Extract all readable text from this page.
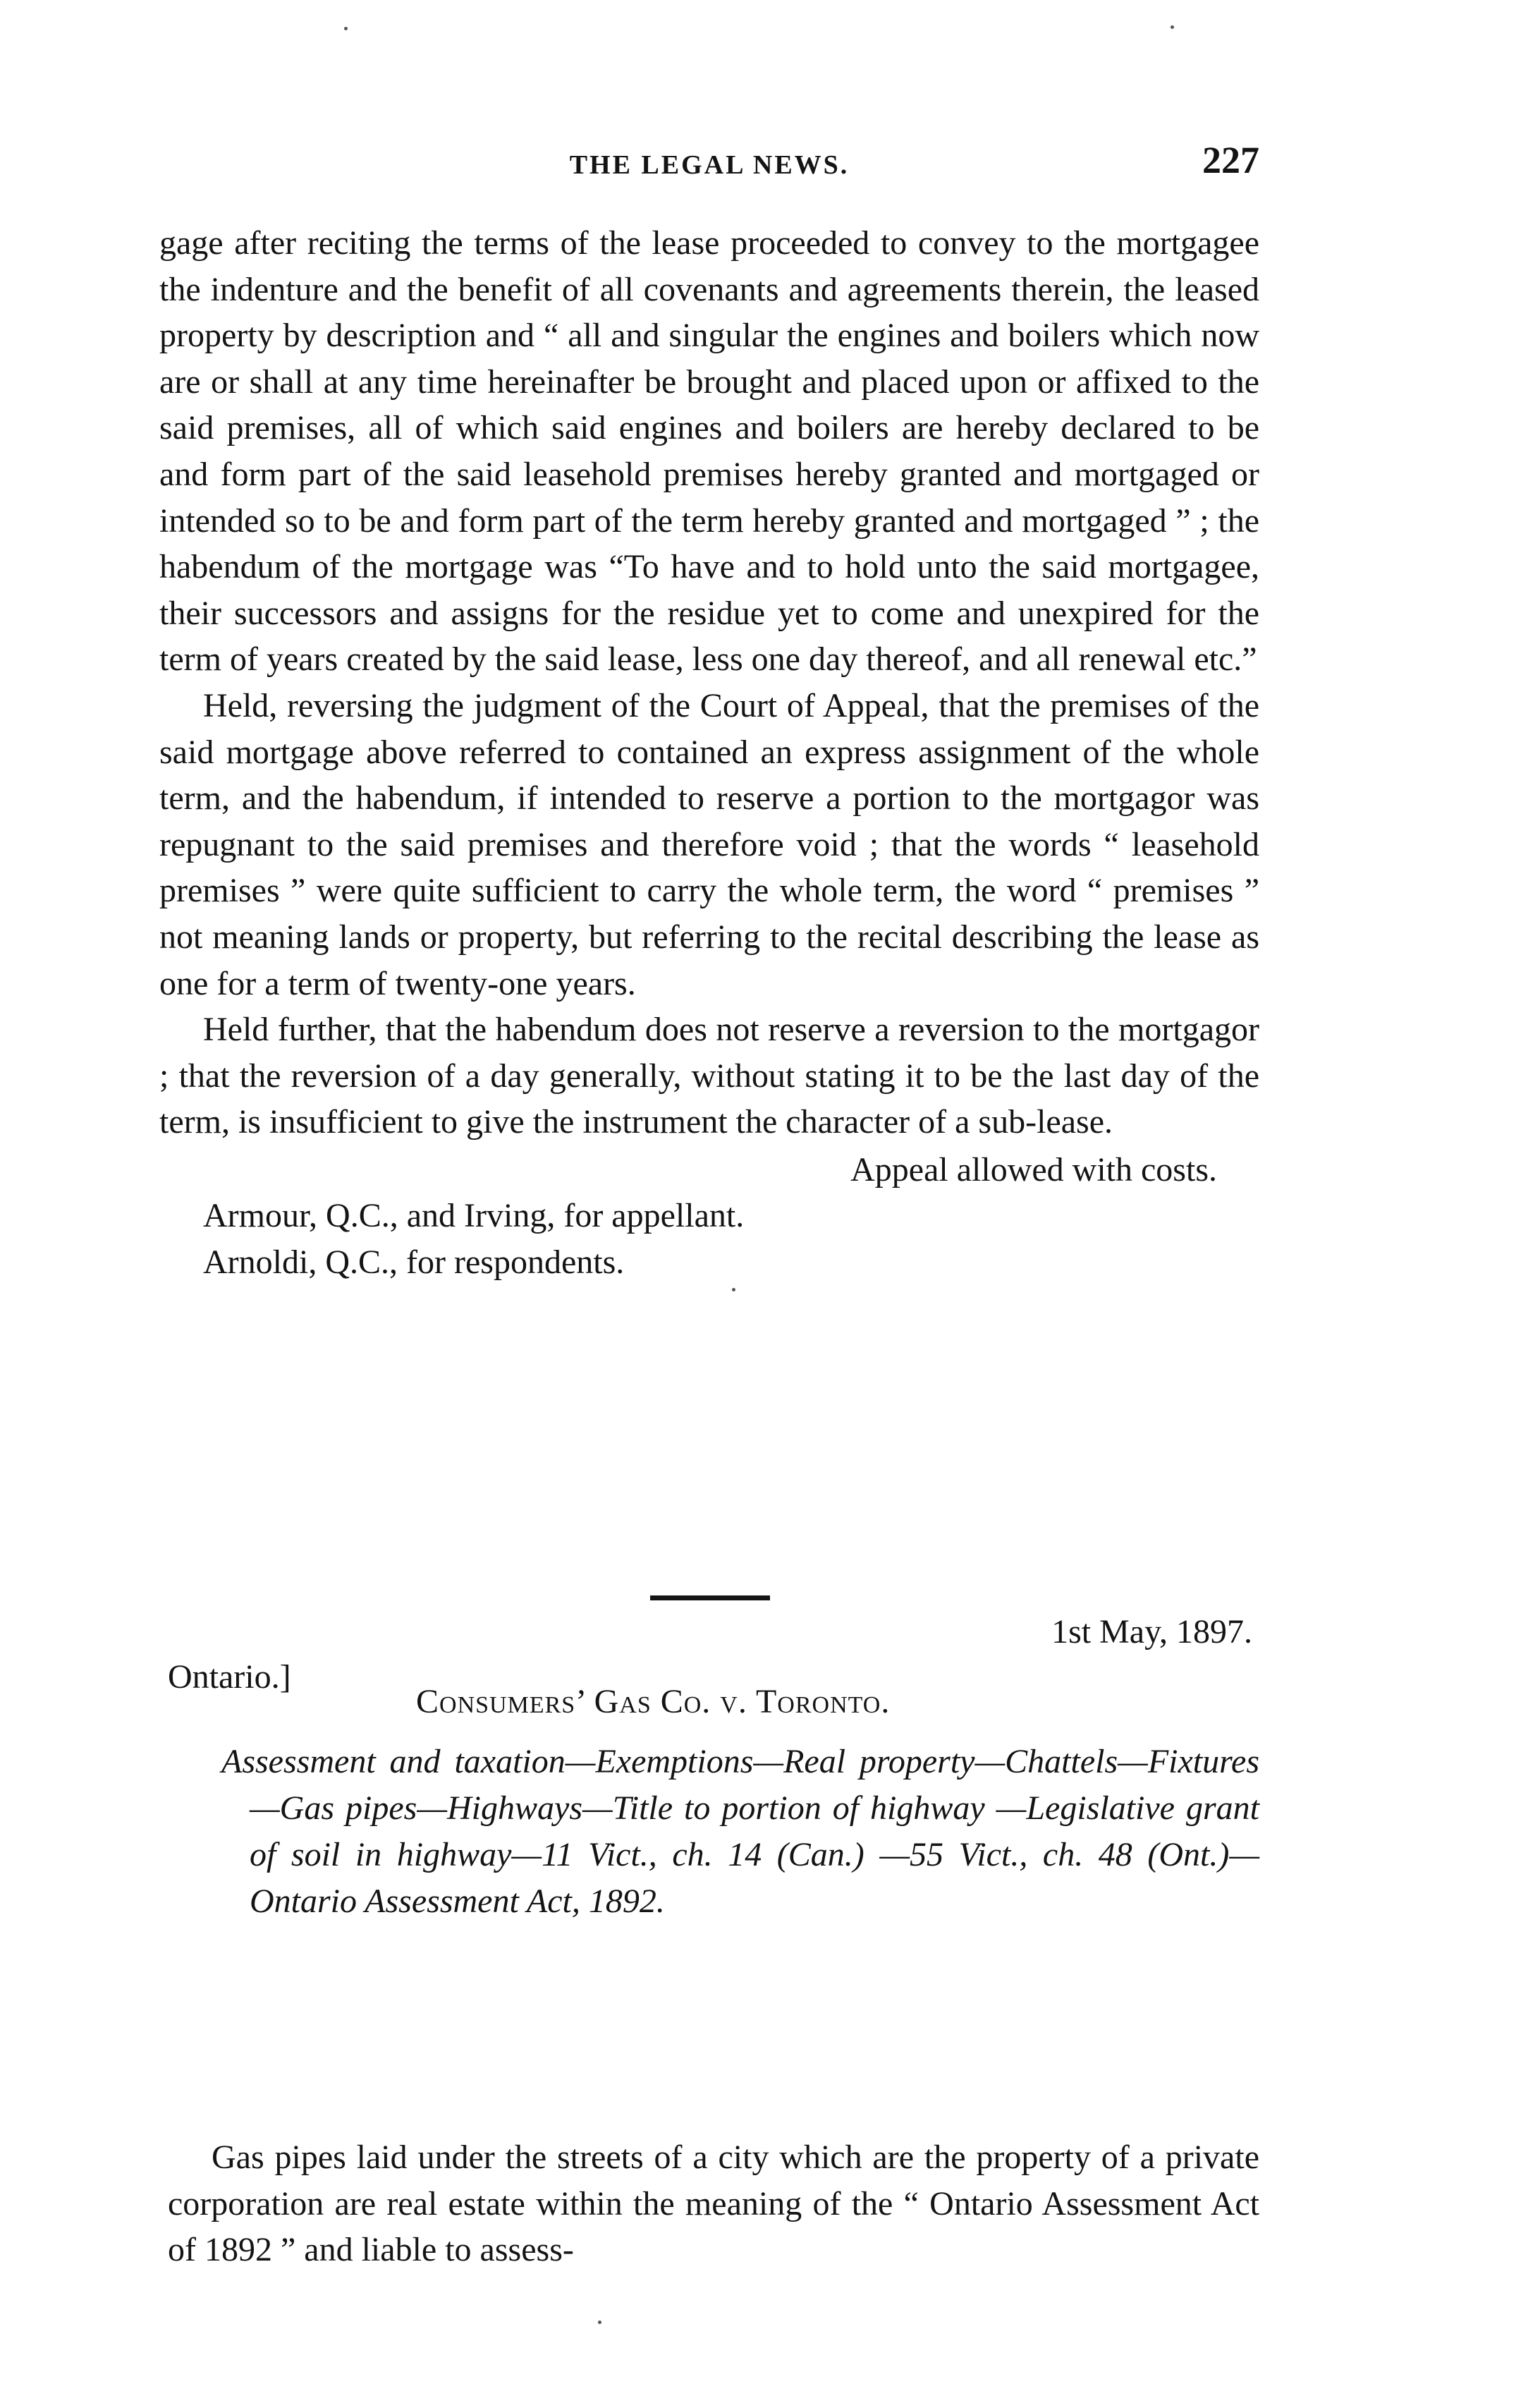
THE LEGAL NEWS.	227

gage after reciting the terms of the lease proceeded to convey to the mortgagee the indenture and the benefit of all covenants and agreements therein, the leased property by description and “ all and singular the engines and boilers which now are or shall at any time hereinafter be brought and placed upon or affixed to the said premises, all of which said engines and boilers are hereby declared to be and form part of the said leasehold premises hereby granted and mortgaged or intended so to be and form part of the term hereby granted and mortgaged ” ; the habendum of the mortgage was “To have and to hold unto the said mortgagee, their successors and assigns for the residue yet to come and unexpired for the term of years created by the said lease, less one day thereof, and all renewal etc.”

Held, reversing the judgment of the Court of Appeal, that the premises of the said mortgage above referred to contained an express assignment of the whole term, and the habendum, if intended to reserve a portion to the mortgagor was repugnant to the said premises and therefore void ; that the words “ leasehold premises ” were quite sufficient to carry the whole term, the word “ premises ” not meaning lands or property, but referring to the recital describing the lease as one for a term of twenty-one years.

Held further, that the habendum does not reserve a reversion to the mortgagor ; that the reversion of a day generally, without stating it to be the last day of the term, is insufficient to give the instrument the character of a sub-lease.

Appeal allowed with costs.
Armour, Q.C., and Irving, for appellant.
Arnoldi, Q.C., for respondents.
1st May, 1897.
Ontario.]
Consumers’ Gas Co. v. Toronto.
Assessment and taxation—Exemptions—Real property—Chattels—Fixtures—Gas pipes—Highways—Title to portion of highway —Legislative grant of soil in highway—11 Vict., ch. 14 (Can.) —55 Vict., ch. 48 (Ont.)—Ontario Assessment Act, 1892.

Gas pipes laid under the streets of a city which are the property of a private corporation are real estate within the meaning of the “ Ontario Assessment Act of 1892 ” and liable to assess-
